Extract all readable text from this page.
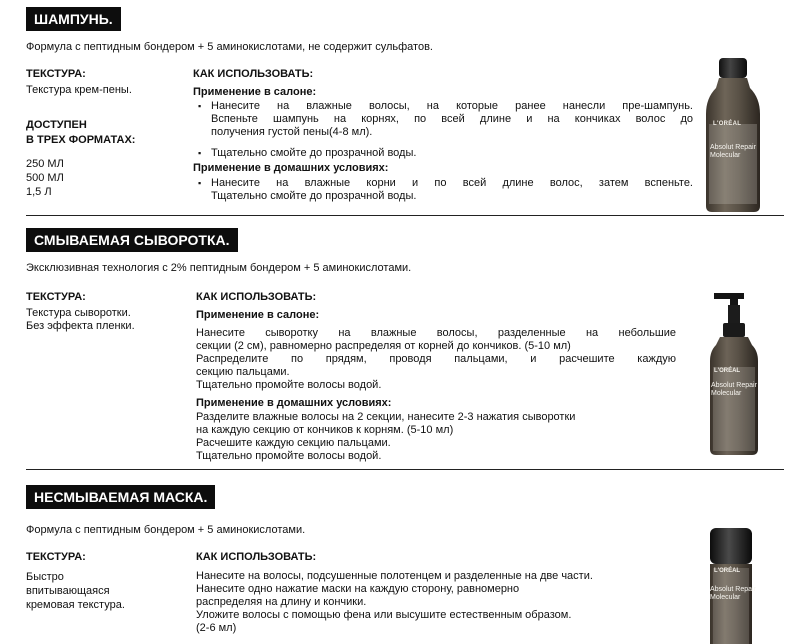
ШАМПУНЬ.
Формула с пептидным бондером + 5 аминокислотами, не содержит сульфатов.
ТЕКСТУРА:
Текстура крем-пены.
ДОСТУПЕН
В ТРЕХ ФОРМАТАХ:
250 МЛ
500 МЛ
1,5 Л
КАК ИСПОЛЬЗОВАТЬ:
Применение в салоне:
▪ Нанесите на влажные волосы, на которые ранее нанесли пре-шампунь.
Вспеньте шампунь на корнях, по всей длине и на кончиках волос до
получения густой пены(4-8 мл).
▪ Тщательно смойте до прозрачной воды.
Применение в домашних условиях:
▪ Нанесите на влажные корни и по всей длине волос, затем вспеньте.
Тщательно смойте до прозрачной воды.
L'ORÉAL
Absolut Repair
Molecular
СМЫВАЕМАЯ СЫВОРОТКА.
Эксклюзивная технология с 2% пептидным бондером + 5 аминокислотами.
ТЕКСТУРА:
Текстура сыворотки.
Без эффекта пленки.
КАК ИСПОЛЬЗОВАТЬ:
Применение в салоне:
Нанесите сыворотку на влажные волосы, разделенные на небольшие
секции (2 см), равномерно распределяя от корней до кончиков. (5-10 мл)
Распределите по прядям, проводя пальцами, и расчешите каждую
секцию пальцами.
Тщательно промойте волосы водой.
Применение в домашних условиях:
Разделите влажные волосы на 2 секции, нанесите 2-3 нажатия сыворотки
на каждую секцию от кончиков к корням. (5-10 мл)
Расчешите каждую секцию пальцами.
Тщательно промойте волосы водой.
L'ORÉAL
Absolut Repair
Molecular
НЕСМЫВАЕМАЯ МАСКА.
Формула с пептидным бондером + 5 аминокислотами.
ТЕКСТУРА:
Быстро
впитывающаяся
кремовая текстура.
КАК ИСПОЛЬЗОВАТЬ:
Нанесите на волосы, подсушенные полотенцем и разделенные на две части.
Нанесите одно нажатие маски на каждую сторону, равномерно
распределяя на длину и кончики.
Уложите волосы с помощью фена или высушите естественным образом.
(2-6 мл)
L'ORÉAL
Absolut Repair
Molecular
